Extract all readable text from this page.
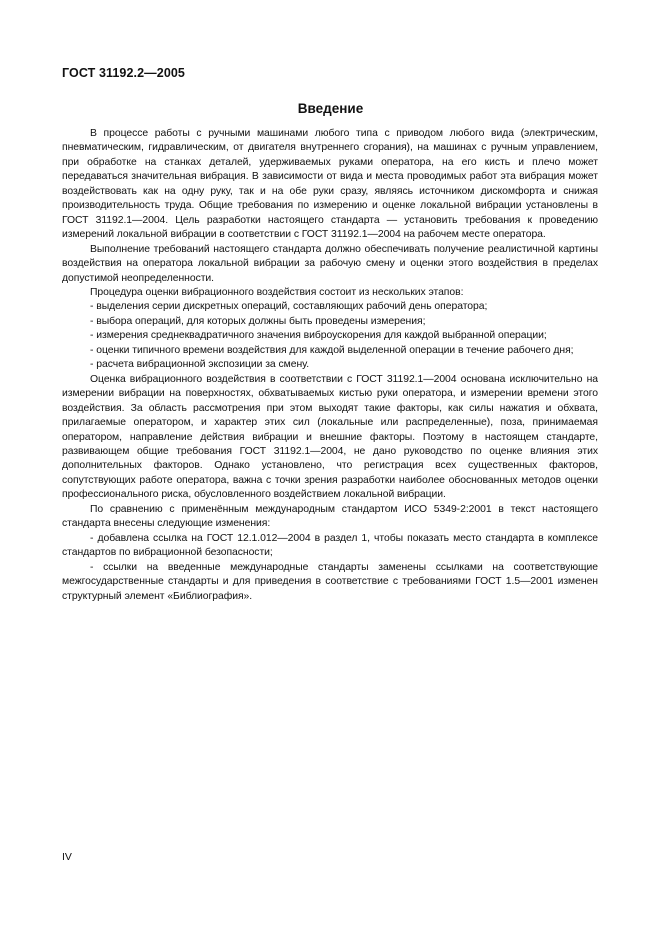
ГОСТ 31192.2—2005
Введение

В процессе работы с ручными машинами любого типа с приводом любого вида (электрическим, пневматическим, гидравлическим, от двигателя внутреннего сгорания), на машинах с ручным управлением, при обработке на станках деталей, удерживаемых руками оператора, на его кисть и плечо может передаваться значительная вибрация. В зависимости от вида и места проводимых работ эта вибрация может воздействовать как на одну руку, так и на обе руки сразу, являясь источником дискомфорта и снижая производительность труда. Общие требования по измерению и оценке локальной вибрации установлены в ГОСТ 31192.1—2004. Цель разработки настоящего стандарта — установить требования к проведению измерений локальной вибрации в соответствии с ГОСТ 31192.1—2004 на рабочем месте оператора.

Выполнение требований настоящего стандарта должно обеспечивать получение реалистичной картины воздействия на оператора локальной вибрации за рабочую смену и оценки этого воздействия в пределах допустимой неопределенности.

Процедура оценки вибрационного воздействия состоит из нескольких этапов:

- выделения серии дискретных операций, составляющих рабочий день оператора;

- выбора операций, для которых должны быть проведены измерения;

- измерения среднеквадратичного значения виброускорения для каждой выбранной операции;

- оценки типичного времени воздействия для каждой выделенной операции в течение рабочего дня;

- расчета вибрационной экспозиции за смену.

Оценка вибрационного воздействия в соответствии с ГОСТ 31192.1—2004 основана исключительно на измерении вибрации на поверхностях, обхватываемых кистью руки оператора, и измерении времени этого воздействия. За область рассмотрения при этом выходят такие факторы, как силы нажатия и обхвата, прилагаемые оператором, и характер этих сил (локальные или распределенные), поза, принимаемая оператором, направление действия вибрации и внешние факторы. Поэтому в настоящем стандарте, развивающем общие требования ГОСТ 31192.1—2004, не дано руководство по оценке влияния этих дополнительных факторов. Однако установлено, что регистрация всех существенных факторов, сопутствующих работе оператора, важна с точки зрения разработки наиболее обоснованных методов оценки профессионального риска, обусловленного воздействием локальной вибрации.

По сравнению с применённым международным стандартом ИСО 5349-2:2001 в текст настоящего стандарта внесены следующие изменения:

- добавлена ссылка на ГОСТ 12.1.012—2004 в раздел 1, чтобы показать место стандарта в комплексе стандартов по вибрационной безопасности;

- ссылки на введенные международные стандарты заменены ссылками на соответствующие межгосударственные стандарты и для приведения в соответствие с требованиями ГОСТ 1.5—2001 изменен структурный элемент «Библиография».

IV
